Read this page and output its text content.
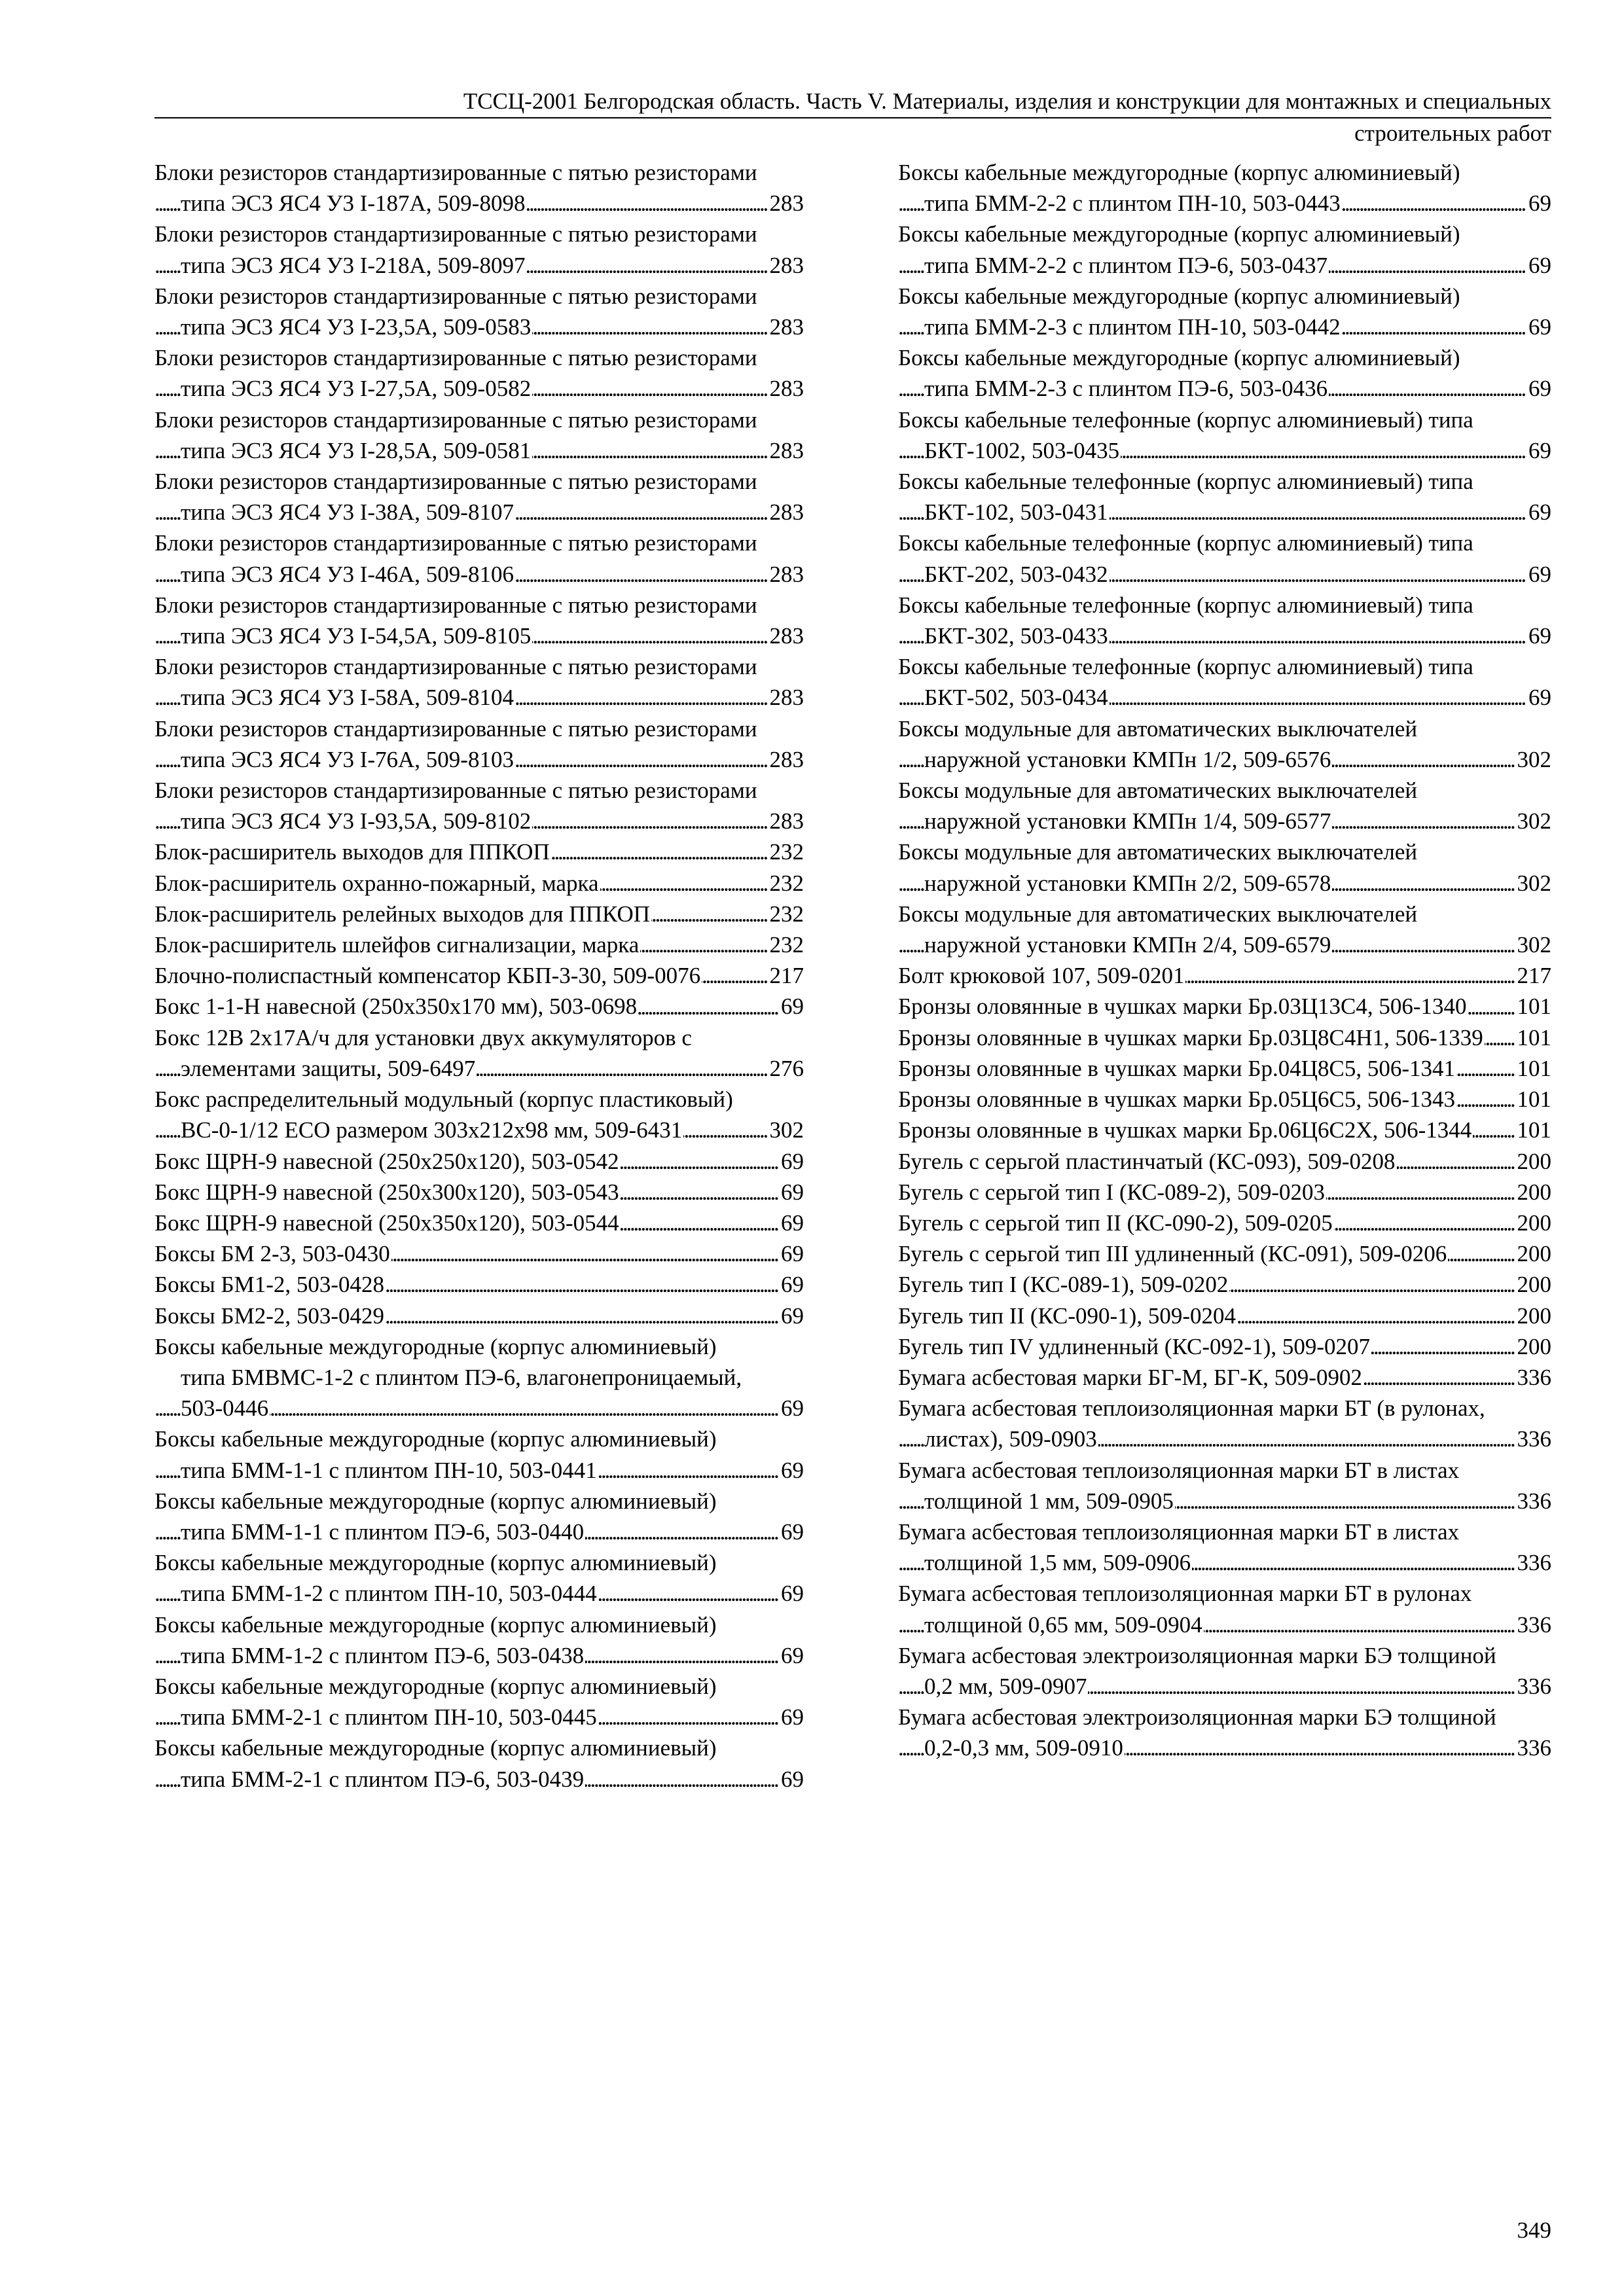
ТССЦ-2001 Белгородская область. Часть V. Материалы, изделия и конструкции для монтажных и специальных
строительных работ
. . .
Блоки резисторов стандартизированные с пятью резисторами типа ЭС3 ЯС4 У3 I-187А, 509-8098	283
. . .
Блоки резисторов стандартизированные с пятью резисторами типа ЭС3 ЯС4 У3 I-218А, 509-8097	283
. . .
Блоки резисторов стандартизированные с пятью резисторами типа ЭС3 ЯС4 У3 I-23,5А, 509-0583	283
. . .
Блоки резисторов стандартизированные с пятью резисторами типа ЭС3 ЯС4 У3 I-27,5А, 509-0582	283
. . .
Блоки резисторов стандартизированные с пятью резисторами типа ЭС3 ЯС4 У3 I-28,5А, 509-0581	283
. . .
Блоки резисторов стандартизированные с пятью резисторами типа ЭС3 ЯС4 У3 I-38А, 509-8107	283
. . .
Блоки резисторов стандартизированные с пятью резисторами типа ЭС3 ЯС4 У3 I-46А, 509-8106	283
. . .
Блоки резисторов стандартизированные с пятью резисторами типа ЭС3 ЯС4 У3 I-54,5А, 509-8105	283
. . .
Блоки резисторов стандартизированные с пятью резисторами типа ЭС3 ЯС4 У3 I-58А, 509-8104	283
. . .
Блоки резисторов стандартизированные с пятью резисторами типа ЭС3 ЯС4 У3 I-76А, 509-8103	283
. . .
Блоки резисторов стандартизированные с пятью резисторами типа ЭС3 ЯС4 У3 I-93,5А, 509-8102	283
. . .
Блок-расширитель выходов для ППКОП	232
. . .
Блок-расширитель охранно-пожарный, марка	232
. . .
Блок-расширитель релейных выходов для ППКОП	232
. . .
Блок-расширитель шлейфов сигнализации, марка	232
. . .
Блочно-полиспастный компенсатор КБП-3-30, 509-0076	217
. . .
Бокс 1-1-Н навесной (250x350x170 мм), 503-0698	69
. . .
Бокс 12В 2x17А/ч для установки двух аккумуляторов с элементами защиты, 509-6497	276
. . .
Бокс распределительный модульный (корпус пластиковый) ВС-0-1/12 ECO размером 303x212x98 мм, 509-6431	302
. . .
Бокс ЩРН-9 навесной (250x250x120), 503-0542	69
. . .
Бокс ЩРН-9 навесной (250x300x120), 503-0543	69
. . .
Бокс ЩРН-9 навесной (250x350x120), 503-0544	69
. . .
Боксы БМ 2-3, 503-0430	69
. . .
Боксы БМ1-2, 503-0428	69
. . .
Боксы БМ2-2, 503-0429	69
. . .
Боксы кабельные междугородные (корпус алюминиевый) типа БМВМС-1-2 с плинтом ПЭ-6, влагонепроницаемый, 503-0446	69
. . .
Боксы кабельные междугородные (корпус алюминиевый) типа БММ-1-1 с плинтом ПН-10, 503-0441	69
. . .
Боксы кабельные междугородные (корпус алюминиевый) типа БММ-1-1 с плинтом ПЭ-6, 503-0440	69
. . .
Боксы кабельные междугородные (корпус алюминиевый) типа БММ-1-2 с плинтом ПН-10, 503-0444	69
. . .
Боксы кабельные междугородные (корпус алюминиевый) типа БММ-1-2 с плинтом ПЭ-6, 503-0438	69
. . .
Боксы кабельные междугородные (корпус алюминиевый) типа БММ-2-1 с плинтом ПН-10, 503-0445	69
. . .
Боксы кабельные междугородные (корпус алюминиевый) типа БММ-2-1 с плинтом ПЭ-6, 503-0439	69
. . .
Боксы кабельные междугородные (корпус алюминиевый) типа БММ-2-2 с плинтом ПН-10, 503-0443	69
. . .
Боксы кабельные междугородные (корпус алюминиевый) типа БММ-2-2 с плинтом ПЭ-6, 503-0437	69
. . .
Боксы кабельные междугородные (корпус алюминиевый) типа БММ-2-3 с плинтом ПН-10, 503-0442	69
. . .
Боксы кабельные междугородные (корпус алюминиевый) типа БММ-2-3 с плинтом ПЭ-6, 503-0436	69
. . .
Боксы кабельные телефонные (корпус алюминиевый) типа БКТ-1002, 503-0435	69
. . .
Боксы кабельные телефонные (корпус алюминиевый) типа БКТ-102, 503-0431	69
. . .
Боксы кабельные телефонные (корпус алюминиевый) типа БКТ-202, 503-0432	69
. . .
Боксы кабельные телефонные (корпус алюминиевый) типа БКТ-302, 503-0433	69
. . .
Боксы кабельные телефонные (корпус алюминиевый) типа БКТ-502, 503-0434	69
. . .
Боксы модульные для автоматических выключателей наружной установки КМПн 1/2, 509-6576	302
. . .
Боксы модульные для автоматических выключателей наружной установки КМПн 1/4, 509-6577	302
. . .
Боксы модульные для автоматических выключателей наружной установки КМПн 2/2, 509-6578	302
. . .
Боксы модульные для автоматических выключателей наружной установки КМПн 2/4, 509-6579	302
. . .
Болт крюковой 107, 509-0201	217
. . .
Бронзы оловянные в чушках марки Бр.03Ц13С4, 506-1340 101
. . .
Бронзы оловянные в чушках марки Бр.03Ц8С4Н1, 506-1339 101
. . .
Бронзы оловянные в чушках марки Бр.04Ц8С5, 506-1341	101
. . .
Бронзы оловянные в чушках марки Бр.05Ц6С5, 506-1343	101
. . .
Бронзы оловянные в чушках марки Бр.06Ц6С2Х, 506-1344 101
. . .
Бугель с серьгой пластинчатый (КС-093), 509-0208	200
. . .
Бугель с серьгой тип I (КС-089-2), 509-0203	200
. . .
Бугель с серьгой тип II (КС-090-2), 509-0205	200
. . .
Бугель с серьгой тип III удлиненный (КС-091), 509-0206	200
. . .
Бугель тип I (КС-089-1), 509-0202	200
. . .
Бугель тип II (КС-090-1), 509-0204	200
. . .
Бугель тип IV удлиненный (КС-092-1), 509-0207	200
. . .
Бумага асбестовая марки БГ-М, БГ-К, 509-0902	336
. . .
Бумага асбестовая теплоизоляционная марки БТ (в рулонах, листах), 509-0903	336
. . .
Бумага асбестовая теплоизоляционная марки БТ в листах толщиной 1 мм, 509-0905	336
. . .
Бумага асбестовая теплоизоляционная марки БТ в листах толщиной 1,5 мм, 509-0906	336
. . .
Бумага асбестовая теплоизоляционная марки БТ в рулонах толщиной 0,65 мм, 509-0904	336
. . .
Бумага асбестовая электроизоляционная марки БЭ толщиной 0,2 мм, 509-0907	336
. . .
Бумага асбестовая электроизоляционная марки БЭ толщиной 0,2-0,3 мм, 509-0910	336
349
